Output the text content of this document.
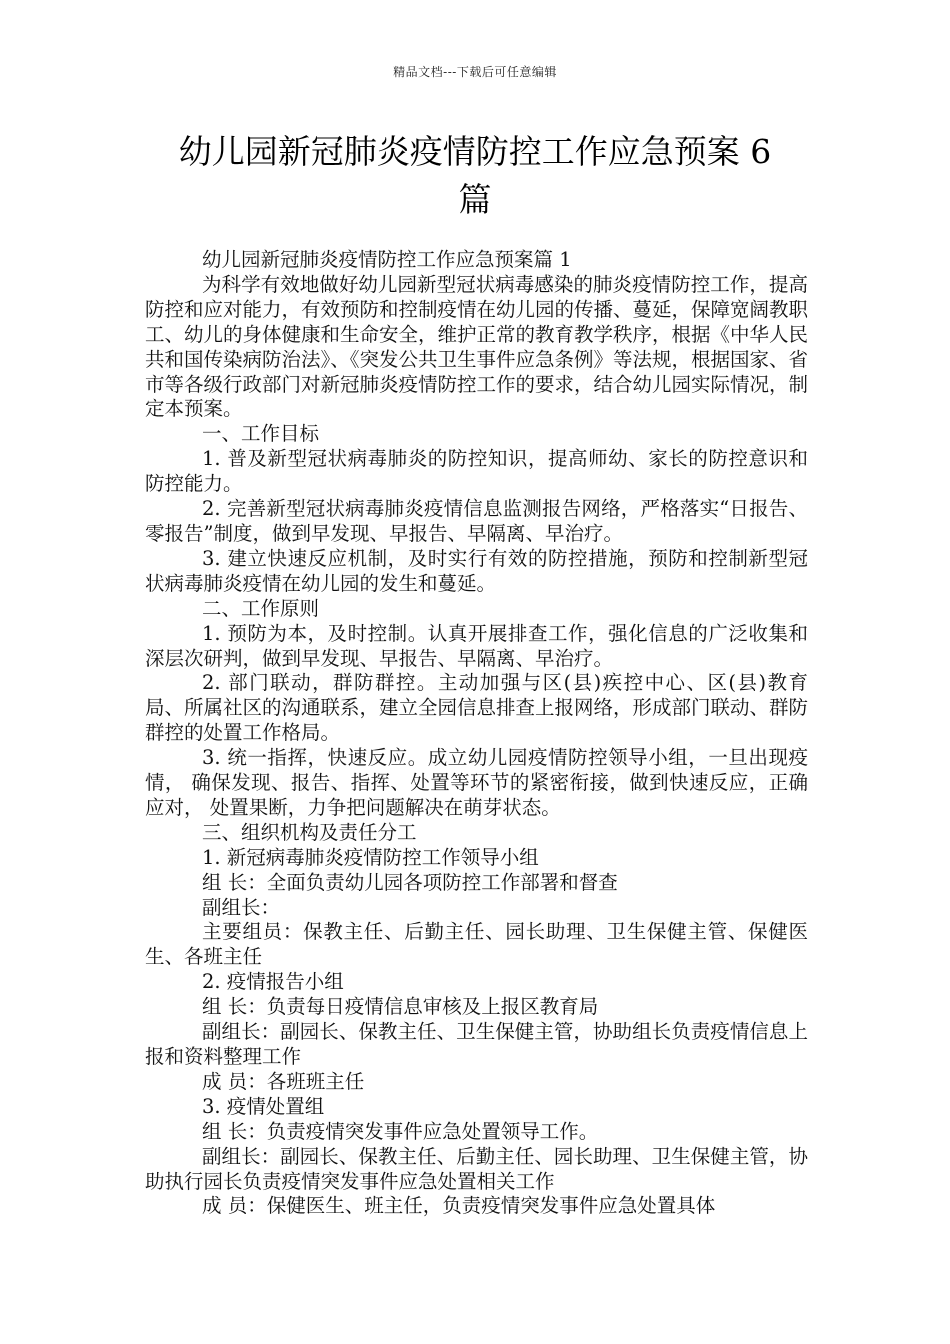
精品文档---下载后可任意编辑
幼儿园新冠肺炎疫情防控工作应急预案 6
篇

幼儿园新冠肺炎疫情防控工作应急预案篇 1

为科学有效地做好幼儿园新型冠状病毒感染的肺炎疫情防控工作，提高防控和应对能力，有效预防和控制疫情在幼儿园的传播、蔓延，保障宽阔教职 工、幼儿的身体健康和生命安全，维护正常的教育教学秩序，根据《中华人民共和国传染病防治法》、《突发公共卫生事件应急条例》等法规，根据国家、省市等各级行政部门对新冠肺炎疫情防控工作的要求，结合幼儿园实际情况，制定本预案。

一、工作目标

1. 普及新型冠状病毒肺炎的防控知识，提高师幼、家长的防控意识和防控能力。

2. 完善新型冠状病毒肺炎疫情信息监测报告网络，严格落实“日报告、零报告”制度，做到早发现、早报告、早隔离、早治疗。

3. 建立快速反应机制，及时实行有效的防控措施，预防和控制新型冠状病毒肺炎疫情在幼儿园的发生和蔓延。

二、工作原则

1. 预防为本，及时控制。认真开展排查工作，强化信息的广泛收集和深层次研判，做到早发现、早报告、早隔离、早治疗。

2. 部门联动，群防群控。主动加强与区(县)疾控中心、区(县)教育 局、所属社区的沟通联系，建立全园信息排查上报网络，形成部门联动、群防群控的处置工作格局。

3. 统一指挥，快速反应。成立幼儿园疫情防控领导小组，一旦出现疫情， 确保发现、报告、指挥、处置等环节的紧密衔接，做到快速反应，正确应对， 处置果断，力争把问题解决在萌芽状态。

三、组织机构及责任分工

1. 新冠病毒肺炎疫情防控工作领导小组

组 长：全面负责幼儿园各项防控工作部署和督查

副组长：

主要组员：保教主任、后勤主任、园长助理、卫生保健主管、保健医生、各班主任

2. 疫情报告小组

组 长：负责每日疫情信息审核及上报区教育局

副组长：副园长、保教主任、卫生保健主管，协助组长负责疫情信息上报和资料整理工作

成 员：各班班主任

3. 疫情处置组

组 长：负责疫情突发事件应急处置领导工作。

副组长：副园长、保教主任、后勤主任、园长助理、卫生保健主管，协助执行园长负责疫情突发事件应急处置相关工作

成 员：保健医生、班主任，负责疫情突发事件应急处置具体
